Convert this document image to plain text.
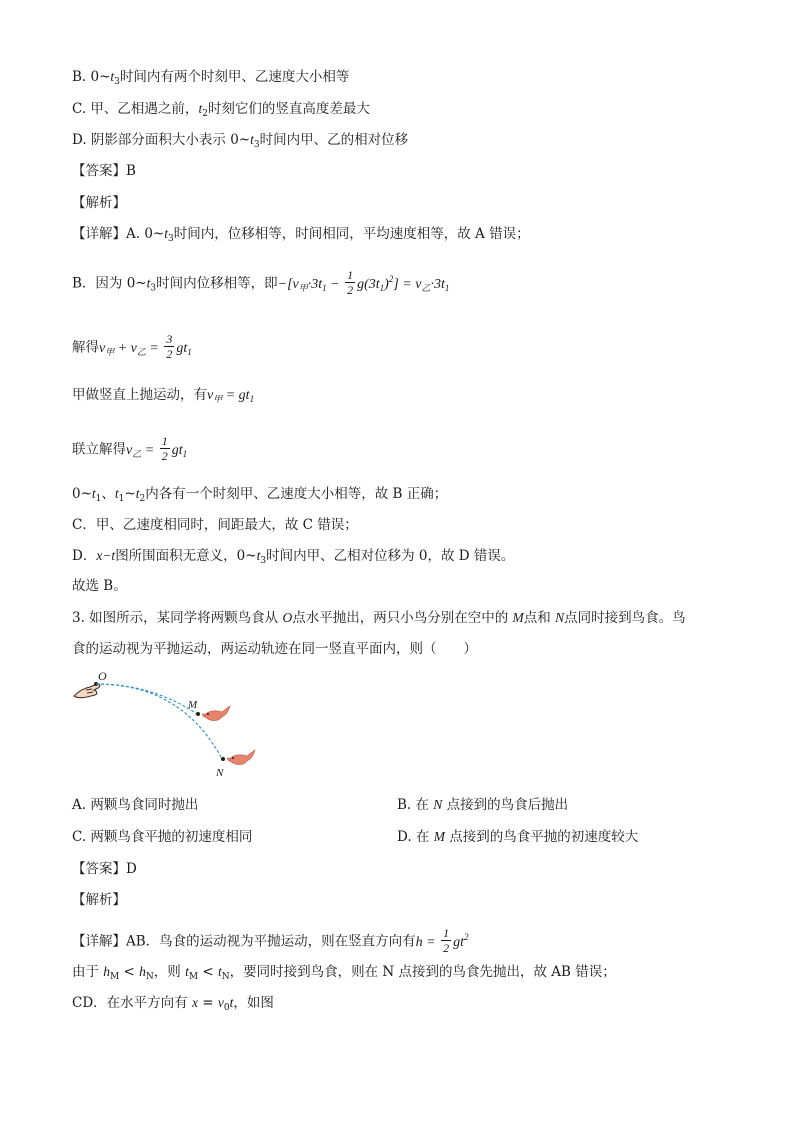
B. $0\sim t_3$时间内有两个时刻甲、乙速度大小相等
C. 甲、乙相遇之前，$t_2$时刻它们的竖直高度差最大
D. 阴影部分面积大小表示 $0\sim t_3$时间内甲、乙的相对位移
【答案】B
【解析】
【详解】A. $0\sim t_3$时间内，位移相等，时间相同，平均速度相等，故 A 错误；
B．因为 $0\sim t_3$时间内位移相等，即$-[v_甲\cdot 3t_1 - \frac{1}{2} g(3t_1)^2] = v_乙\cdot 3t_1$
解得$v_甲 + v_乙 = \frac{3}{2} gt_1$
甲做竖直上抛运动，有$v_甲 = gt_1$
联立解得$v_乙 = \frac{1}{2} gt_1$
$0\sim t_1$、$t_1\sim t_2$内各有一个时刻甲、乙速度大小相等，故 B 正确；
C．甲、乙速度相同时，间距最大，故 C 错误；
D．x−t图所围面积无意义，$0\sim t_3$时间内甲、乙相对位移为 0，故 D 错误。
故选 B。
3. 如图所示，某同学将两颗鸟食从 O点水平抛出，两只小鸟分别在空中的 M点和 N点同时接到鸟食。鸟
食的运动视为平抛运动，两运动轨迹在同一竖直平面内，则（　　）
O
M
N
A. 两颗鸟食同时抛出	B. 在 N 点接到的鸟食后抛出
C. 两颗鸟食平抛的初速度相同	D. 在 M 点接到的鸟食平抛的初速度较大
【答案】D
【解析】
【详解】AB．鸟食的运动视为平抛运动，则在竖直方向有$h = \frac{1}{2} gt^2$
由于 $h_M < h_N$，则 $t_M < t_N$，要同时接到鸟食，则在 N 点接到的鸟食先抛出，故 AB 错误；
CD．在水平方向有 $x = v_0t$，如图
